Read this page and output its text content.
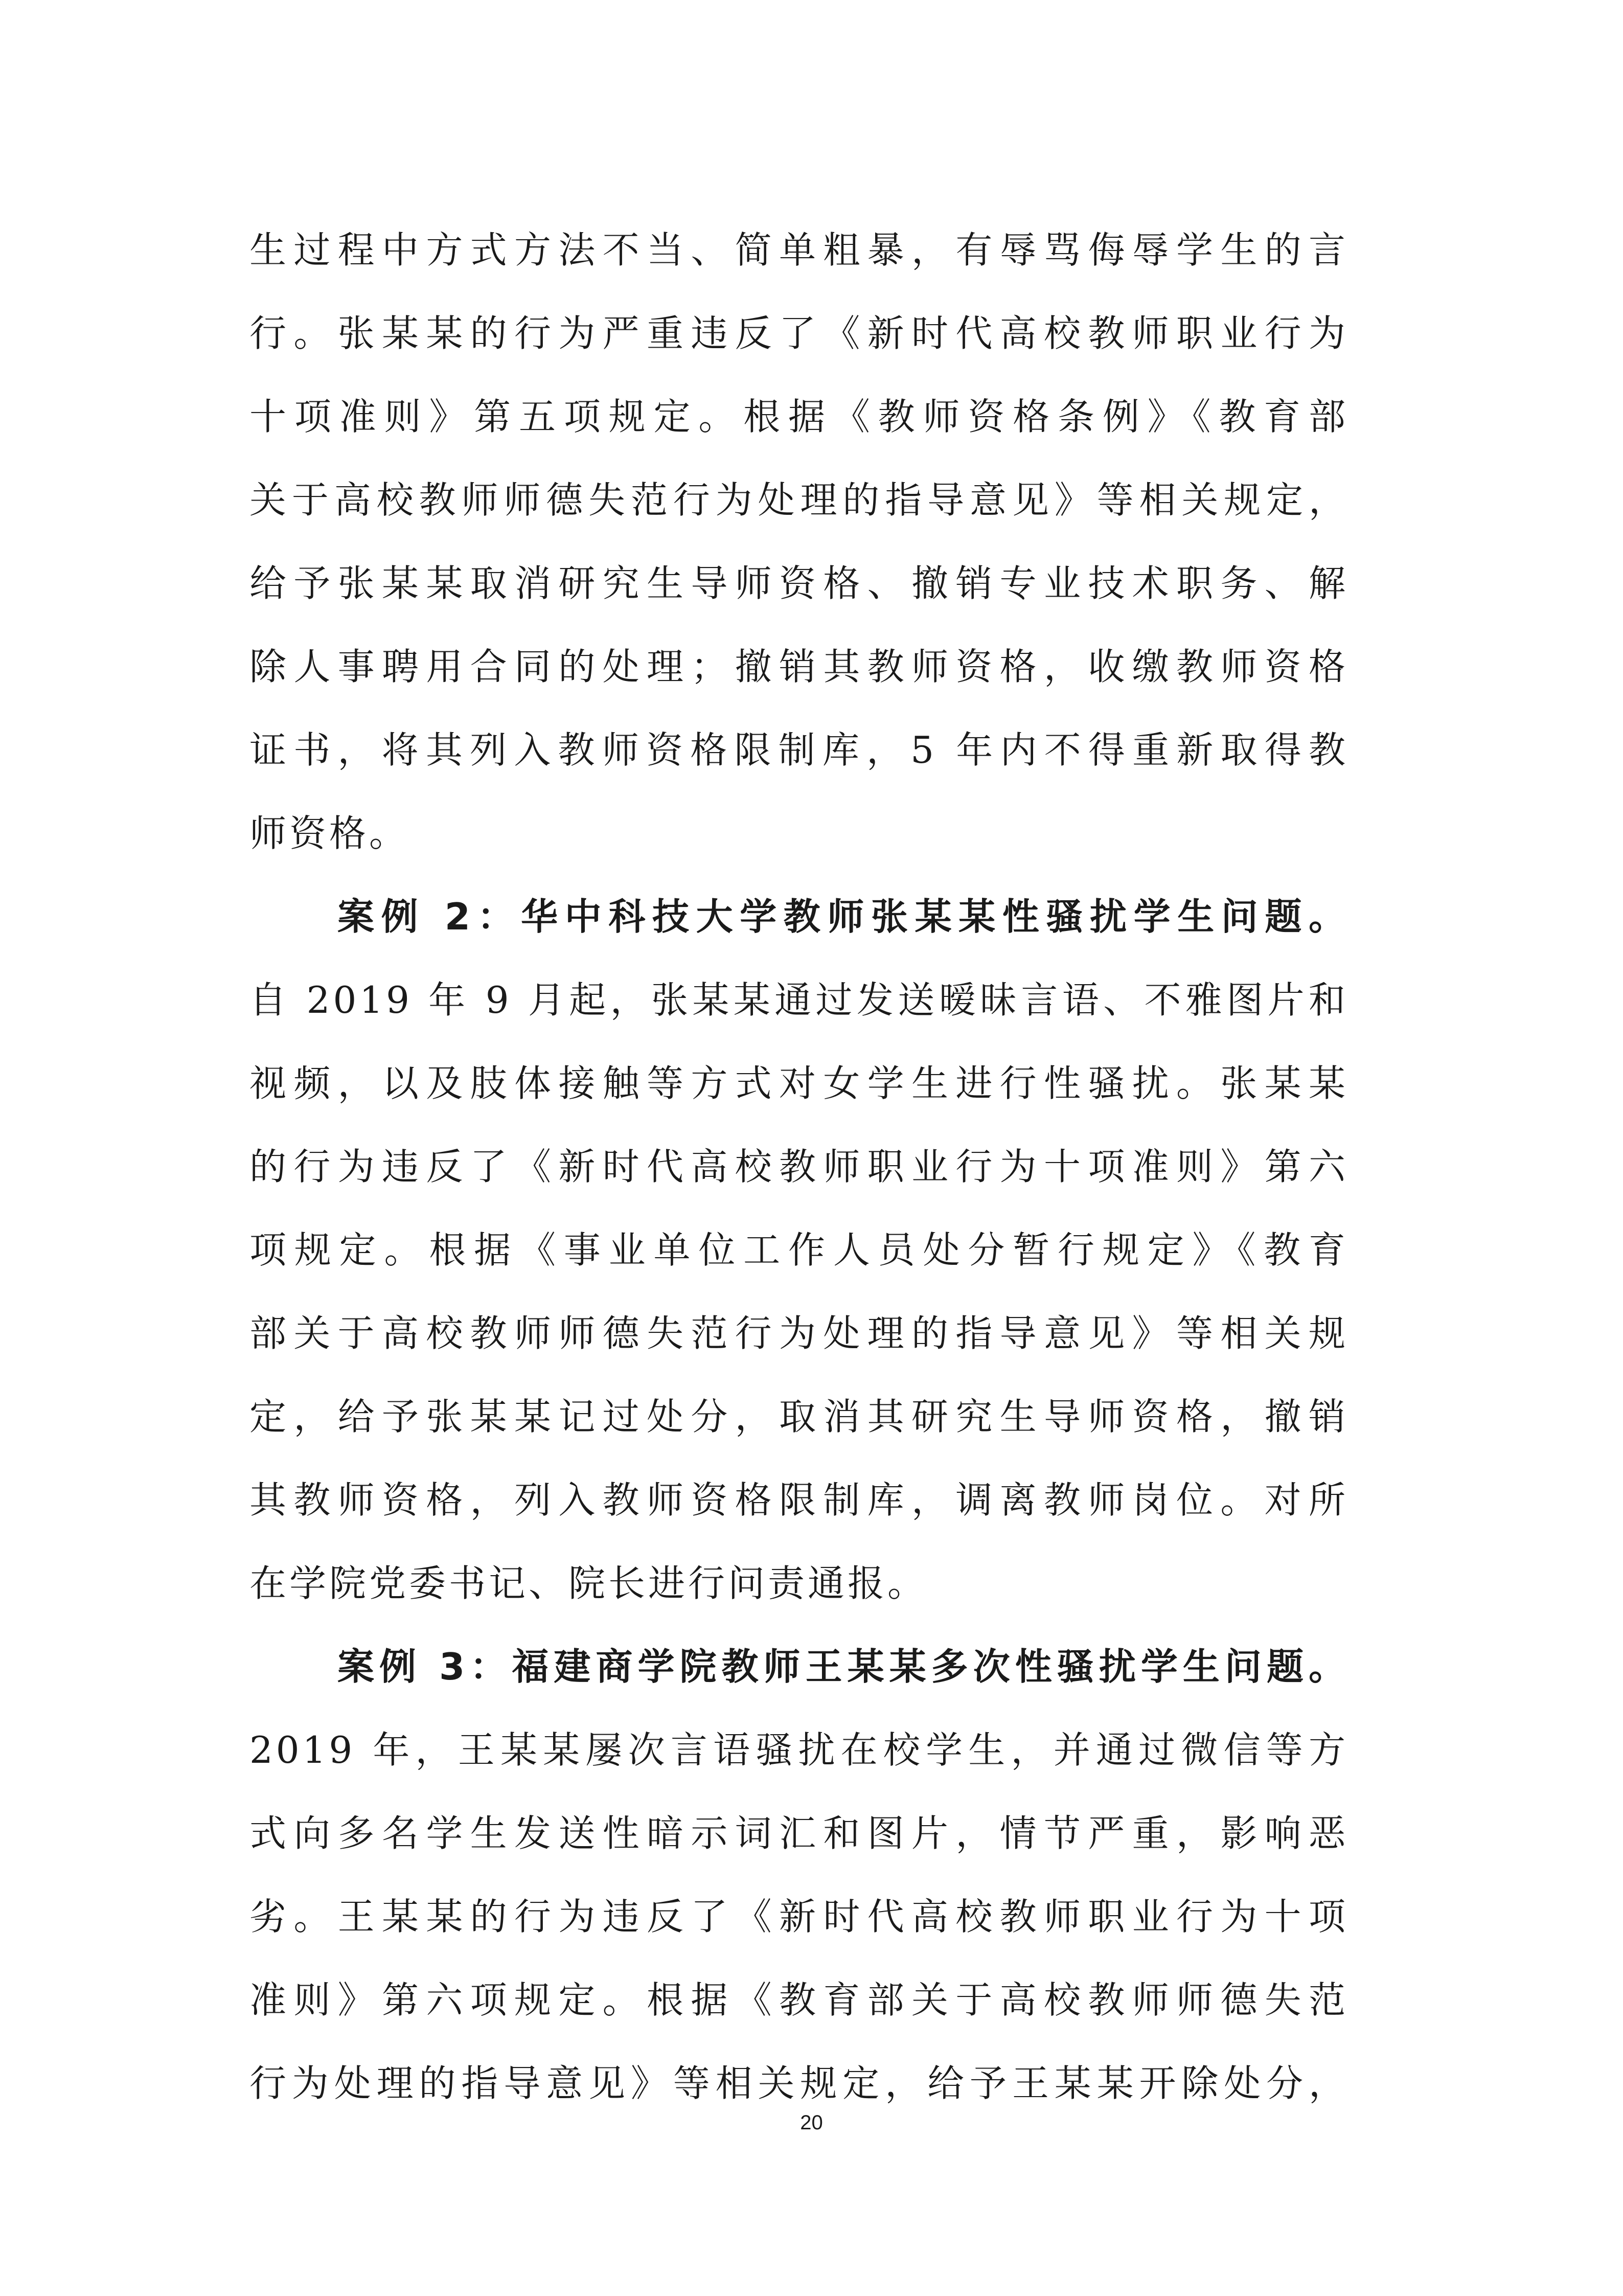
生过程中方式方法不当、简单粗暴，有辱骂侮辱学生的言
行。张某某的行为严重违反了《新时代高校教师职业行为
十项准则》第五项规定。根据《教师资格条例》《教育部
关于高校教师师德失范行为处理的指导意见》等相关规定，
给予张某某取消研究生导师资格、撤销专业技术职务、解
除人事聘用合同的处理；撤销其教师资格，收缴教师资格
证书，将其列入教师资格限制库，5 年内不得重新取得教
师资格。
案例 2：华中科技大学教师张某某性骚扰学生问题。
自 2019 年 9 月起，张某某通过发送暧昧言语、不雅图片和
视频，以及肢体接触等方式对女学生进行性骚扰。张某某
的行为违反了《新时代高校教师职业行为十项准则》第六
项规定。根据《事业单位工作人员处分暂行规定》《教育
部关于高校教师师德失范行为处理的指导意见》等相关规
定，给予张某某记过处分，取消其研究生导师资格，撤销
其教师资格，列入教师资格限制库，调离教师岗位。对所
在学院党委书记、院长进行问责通报。
案例 3：福建商学院教师王某某多次性骚扰学生问题。
2019 年，王某某屡次言语骚扰在校学生，并通过微信等方
式向多名学生发送性暗示词汇和图片，情节严重，影响恶
劣。王某某的行为违反了《新时代高校教师职业行为十项
准则》第六项规定。根据《教育部关于高校教师师德失范
行为处理的指导意见》等相关规定，给予王某某开除处分，
20
